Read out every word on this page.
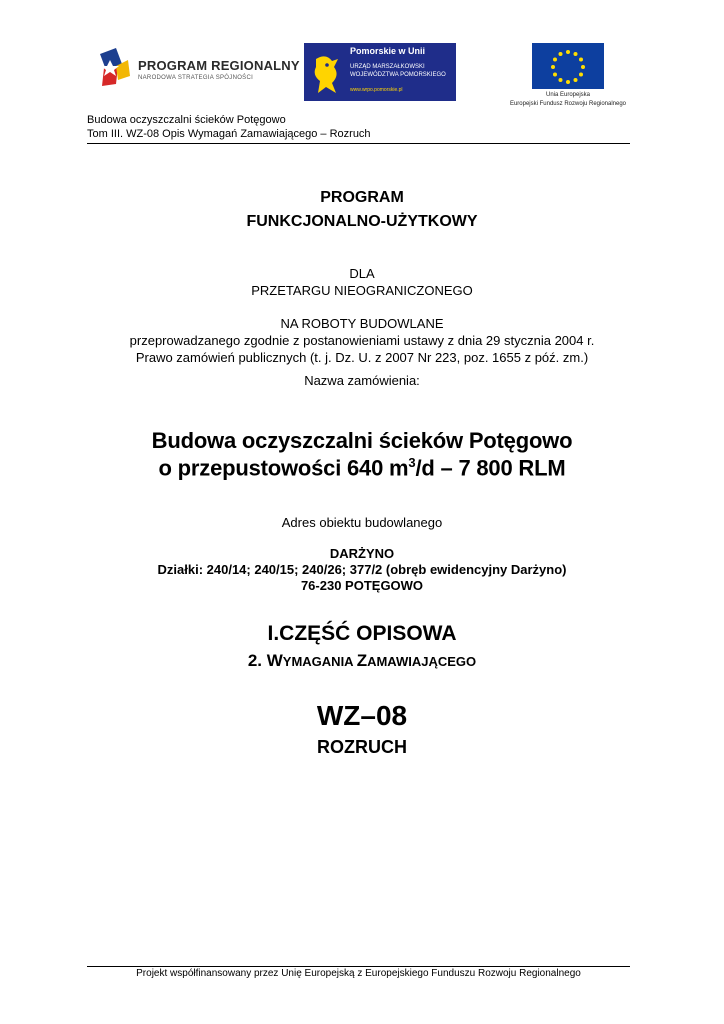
PROGRAM REGIONALNY
NARODOWA STRATEGIA SPÓJNOŚCI
Pomorskie w Unii
URZĄD MARSZAŁKOWSKI
WOJEWÓDZTWA POMORSKIEGO
www.wrpo.pomorskie.pl
Unia Europejska
Europejski Fundusz Rozwoju Regionalnego
Budowa oczyszczalni ścieków Potęgowo
Tom III. WZ-08 Opis Wymagań Zamawiającego – Rozruch
PROGRAM
FUNKCJONALNO-UŻYTKOWY
DLA
PRZETARGU NIEOGRANICZONEGO
NA ROBOTY BUDOWLANE
przeprowadzanego zgodnie z postanowieniami ustawy z dnia 29 stycznia 2004 r.
Prawo zamówień publicznych (t. j. Dz. U. z 2007 Nr 223, poz. 1655 z póź. zm.)
Nazwa zamówienia:
Budowa oczyszczalni ścieków Potęgowo
o przepustowości 640 $m^3/d - 7$ 800 RLM
Adres obiektu budowlanego
DARŻYNO
Działki: 240/14; 240/15; 240/26; 377/2 (obręb ewidencyjny Darżyno)
76-230 POTĘGOWO
I.CZĘŚĆ OPISOWA
2. WYMAGANIA ZAMAWIAJĄCEGO
WZ–08
ROZRUCH
Projekt współfinansowany przez Unię Europejską z Europejskiego Funduszu Rozwoju Regionalnego
